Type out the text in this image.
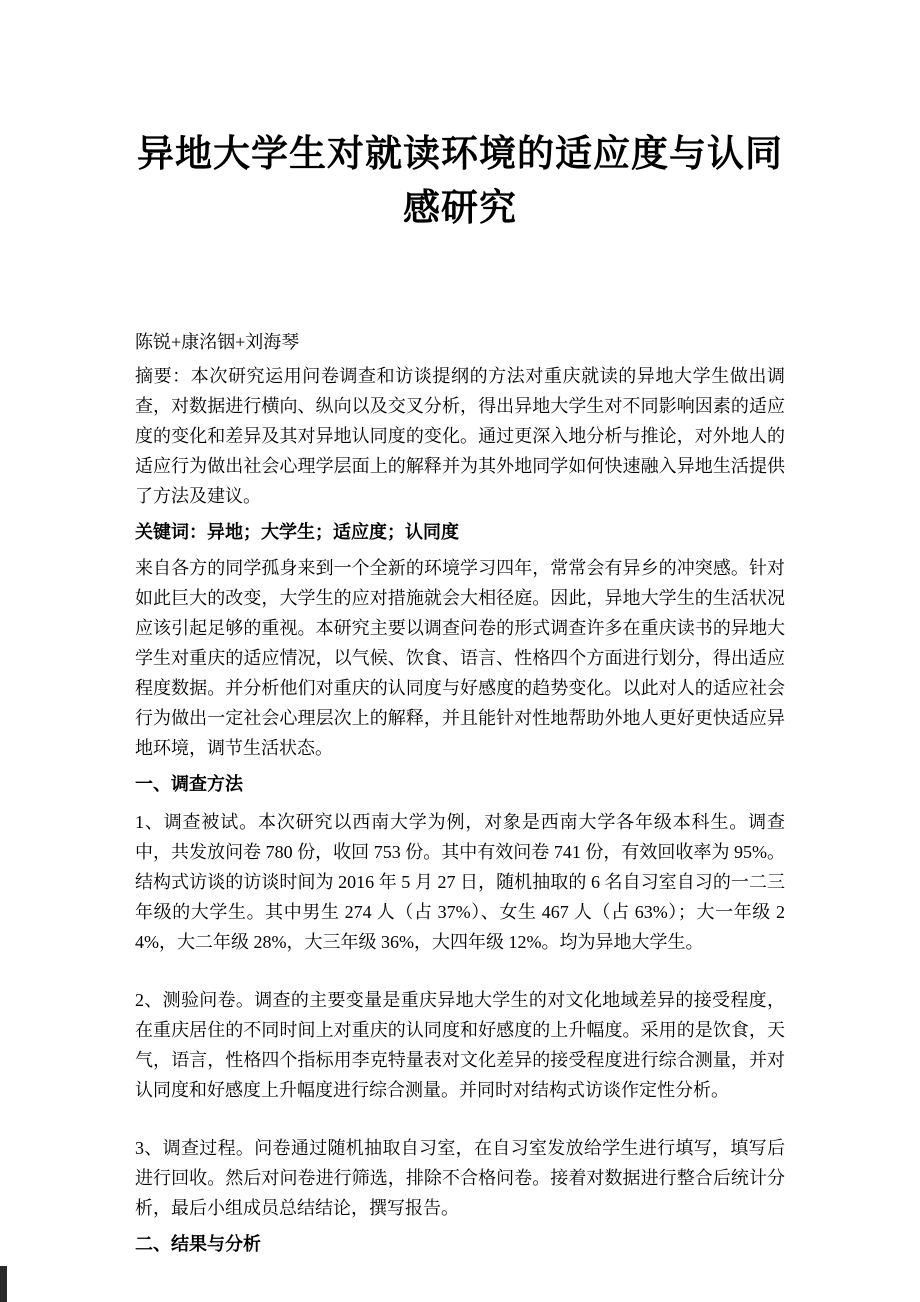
异地大学生对就读环境的适应度与认同感研究

陈锐+康洺铟+刘海琴

摘要：本次研究运用问卷调查和访谈提纲的方法对重庆就读的异地大学生做出调查，对数据进行横向、纵向以及交叉分析，得出异地大学生对不同影响因素的适应度的变化和差异及其对异地认同度的变化。通过更深入地分析与推论，对外地人的适应行为做出社会心理学层面上的解释并为其外地同学如何快速融入异地生活提供了方法及建议。

关键词：异地；大学生；适应度；认同度

来自各方的同学孤身来到一个全新的环境学习四年，常常会有异乡的冲突感。针对如此巨大的改变，大学生的应对措施就会大相径庭。因此，异地大学生的生活状况应该引起足够的重视。本研究主要以调查问卷的形式调查许多在重庆读书的异地大学生对重庆的适应情况，以气候、饮食、语言、性格四个方面进行划分，得出适应程度数据。并分析他们对重庆的认同度与好感度的趋势变化。以此对人的适应社会行为做出一定社会心理层次上的解释，并且能针对性地帮助外地人更好更快适应异地环境，调节生活状态。

一、调查方法

1、调查被试。本次研究以西南大学为例，对象是西南大学各年级本科生。调查中，共发放问卷 780 份，收回 753 份。其中有效问卷 741 份，有效回收率为 95%。结构式访谈的访谈时间为 2016 年 5 月 27 日，随机抽取的 6 名自习室自习的一二三年级的大学生。其中男生 274 人（占 37%）、女生 467 人（占 63%）；大一年级 24%，大二年级 28%，大三年级 36%，大四年级 12%。均为异地大学生。

2、测验问卷。调查的主要变量是重庆异地大学生的对文化地域差异的接受程度，在重庆居住的不同时间上对重庆的认同度和好感度的上升幅度。采用的是饮食，天气，语言，性格四个指标用李克特量表对文化差异的接受程度进行综合测量，并对认同度和好感度上升幅度进行综合测量。并同时对结构式访谈作定性分析。

3、调查过程。问卷通过随机抽取自习室，在自习室发放给学生进行填写，填写后进行回收。然后对问卷进行筛选，排除不合格问卷。接着对数据进行整合后统计分析，最后小组成员总结结论，撰写报告。

二、结果与分析
